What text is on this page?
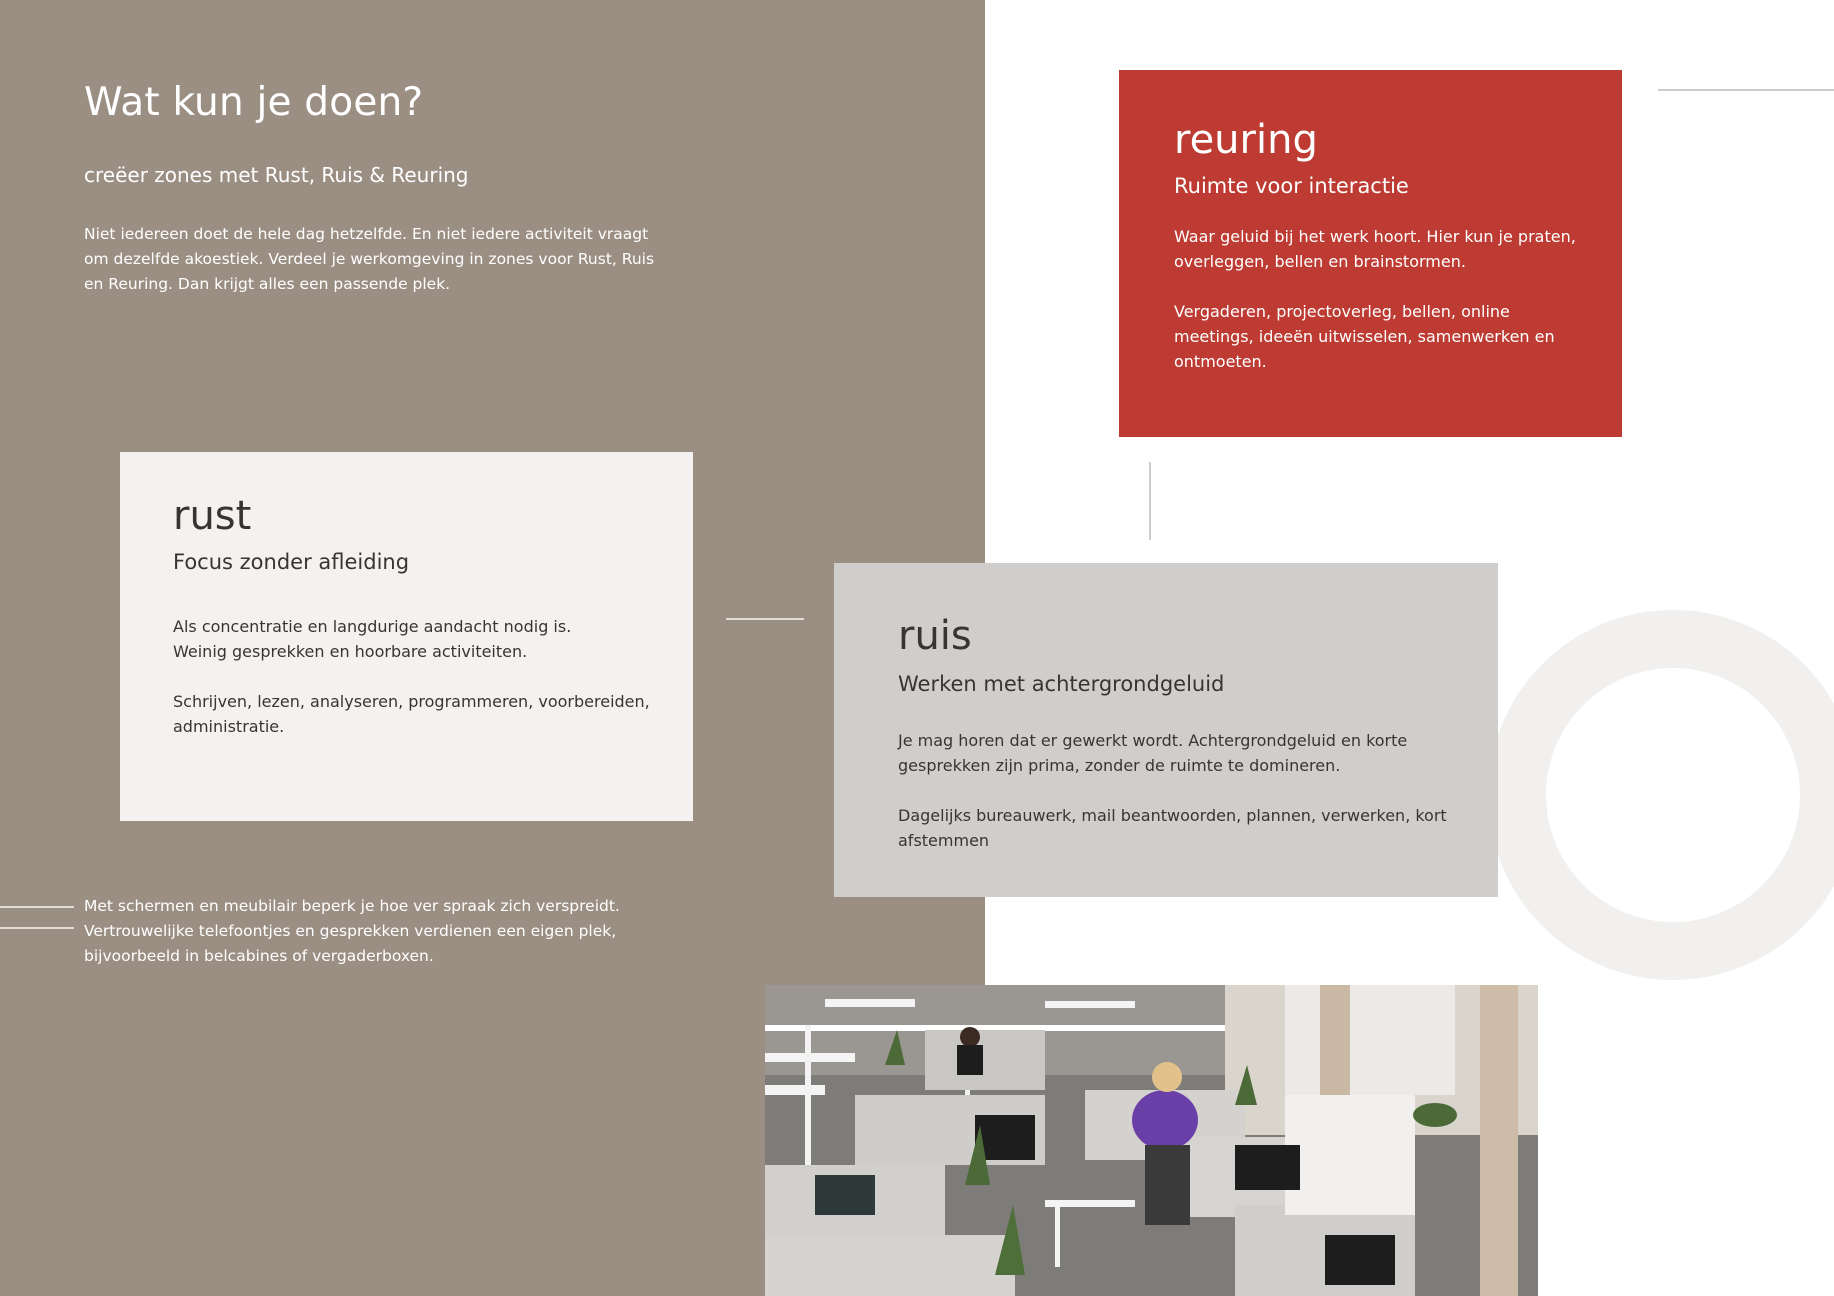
Wat kun je doen?
creëer zones met Rust, Ruis & Reuring

Niet iedereen doet de hele dag hetzelfde. En niet iedere activiteit vraagt om dezelfde akoestiek. Verdeel je werkomgeving in zones voor Rust, Ruis en Reuring. Dan krijgt alles een passende plek.

reuring
Ruimte voor interactie

Waar geluid bij het werk hoort. Hier kun je praten, overleggen, bellen en brainstormen.

Vergaderen, projectoverleg, bellen, online meetings, ideeën uitwisselen, samenwerken en ontmoeten.

rust
Focus zonder afleiding

Als concentratie en langdurige aandacht nodig is. Weinig gesprekken en hoorbare activiteiten.

Schrijven, lezen, analyseren, programmeren, voorbereiden, administratie.

ruis
Werken met achtergrondgeluid

Je mag horen dat er gewerkt wordt. Achtergrondgeluid en korte gesprekken zijn prima, zonder de ruimte te domineren.

Dagelijks bureauwerk, mail beantwoorden, plannen, verwerken, kort afstemmen

Met schermen en meubilair beperk je hoe ver spraak zich verspreidt. Vertrouwelijke telefoontjes en gesprekken verdienen een eigen plek, bijvoorbeeld in belcabines of vergaderboxen.
